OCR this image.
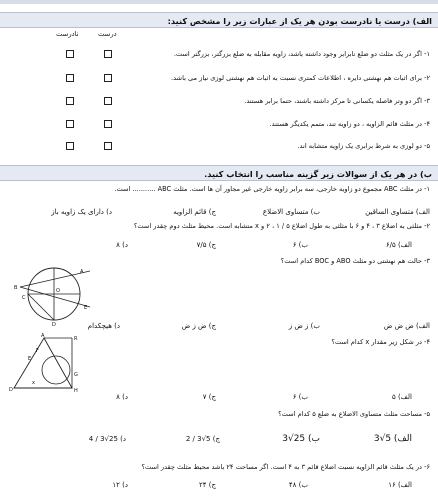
الف) درست یا نادرست بودن هر یک از عبارات زیر را مشخص کنید:
درست
نادرست
۱- اگر در یک مثلث دو ضلع نابرابر وجود داشته باشد، زاویه مقابله به ضلع بزرگتر، بزرگتر است.
۲- برای اثبات هم نهشتی دایره ، اطلاعات کمتری نسبت به اثبات هم نهشتی لوزی نیاز می باشد.
۳- اگر دو وتر فاصله یکسانی تا مرکز داشته باشند، حتما برابر هستند.
۴- در مثلث قائم الزاویه ، دو زاویه تند، متمم یکدیگر هستند.
۵- دو لوزی به شرط برابری یک زاویه متشابه اند.
ب) در هر یک از سوالات زیر گزینه مناسب را انتخاب کنید.
۱- در مثلث ABC مجموع دو زاویه خارجی، سه برابر زاویه خارجی غیر مجاور آن ها است. مثلث ABC ........... است.
الف) متساوی الساقین
ب) متساوی الاضلاع
ج) قائم الزاویه
د) دارای یک زاویه باز
۲- مثلثی به اضلاع ۳ ، ۴ و ۶ با مثلثی به طول اضلاع ۵ / ۱ ، ۲ و x متشابه است. محیط مثلث دوم چقدر است؟
الف) ۶/۵
ب) ۶
ج) ۷/۵
د) ۸
۳- حالت هم نهشتی دو مثلث ABO و BOC کدام است؟
A
B
C
D
E
O
الف) ض ض ض
ب) ز ض ز
ج) ض ز ض
د) هیچکدام
۴- در شکل زیر مقدار x کدام است؟
A
D
E
F
G
H
R
x
الف) ۵
ب) ۶
ج) ۷
د) ۸
۵- مساحت مثلث متساوی الاضلاع به ضلع ۵ کدام است؟
الف) 5√3
ب) 25√3
ج) 5√3 / 2
د) 25√3 / 4
۶- در یک مثلث قائم الزاویه نسبت اضلاع قائم ۳ به ۴ است. اگر مساحت ۲۴ باشد محیط مثلث چقدر است؟
الف) ۱۶
ب) ۴۸
ج) ۲۴
د) ۱۲
